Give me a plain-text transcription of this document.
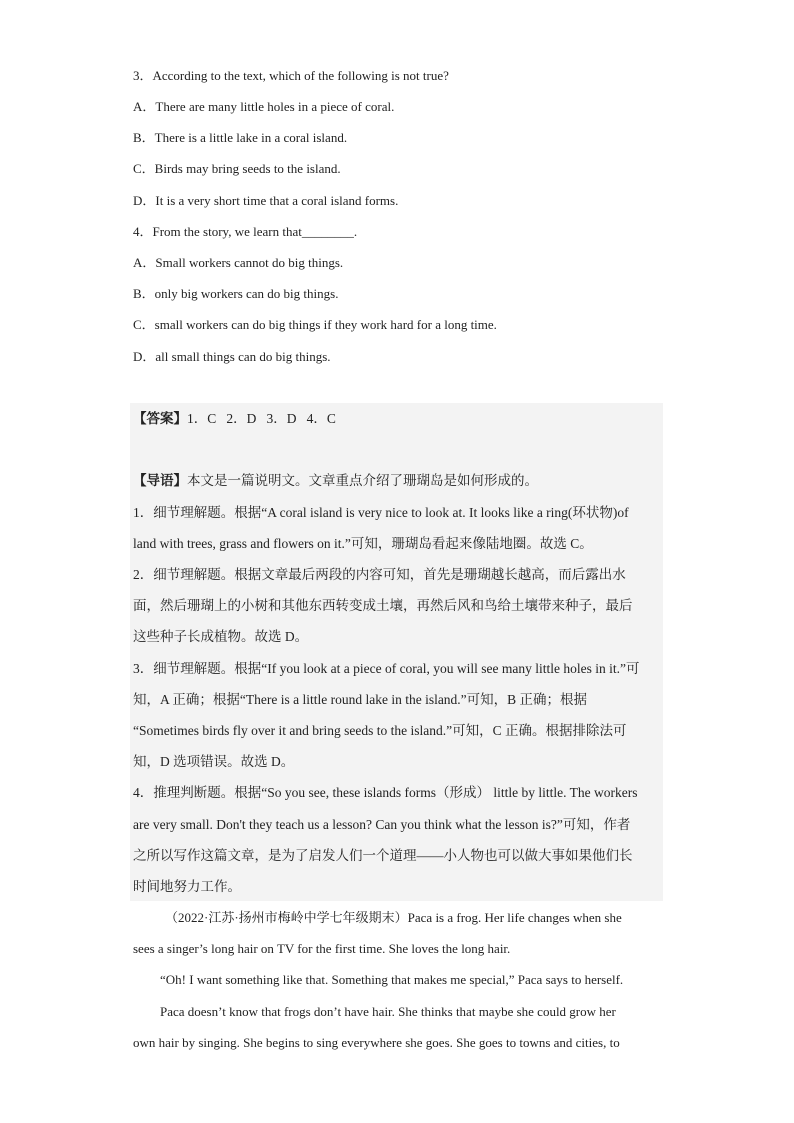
3．According to the text, which of the following is not true?
A．There are many little holes in a piece of coral.
B．There is a little lake in a coral island.
C．Birds may bring seeds to the island.
D．It is a very short time that a coral island forms.
4．From the story, we learn that________.
A．Small workers cannot do big things.
B．only big workers can do big things.
C．small workers can do big things if they work hard for a long time.
D．all small things can do big things.
【答案】1．C   2．D   3．D   4．C
【导语】本文是一篇说明文。文章重点介绍了珊瑚岛是如何形成的。
1．细节理解题。根据“A coral island is very nice to look at. It looks like a ring(环状物)of
land with trees, grass and flowers on it.”可知，珊瑚岛看起来像陆地圈。故选 C。
2．细节理解题。根据文章最后两段的内容可知，首先是珊瑚越长越高，而后露出水
面，然后珊瑚上的小树和其他东西转变成土壤，再然后风和鸟给土壤带来种子，最后
这些种子长成植物。故选 D。
3．细节理解题。根据“If you look at a piece of coral, you will see many little holes in it.”可
知，A 正确；根据“There is a little round lake in the island.”可知，B 正确；根据
“Sometimes birds fly over it and bring seeds to the island.”可知，C 正确。根据排除法可
知，D 选项错误。故选 D。
4．推理判断题。根据“So you see, these islands forms（形成） little by little. The workers
are very small. Don't they teach us a lesson? Can you think what the lesson is?”可知，作者
之所以写作这篇文章，是为了启发人们一个道理——小人物也可以做大事如果他们长
时间地努力工作。
（2022·江苏·扬州市梅岭中学七年级期末）Paca is a frog. Her life changes when she
sees a singer’s long hair on TV for the first time. She loves the long hair.
“Oh! I want something like that. Something that makes me special,” Paca says to herself.
Paca doesn’t know that frogs don’t have hair. She thinks that maybe she could grow her
own hair by singing. She begins to sing everywhere she goes. She goes to towns and cities, to
